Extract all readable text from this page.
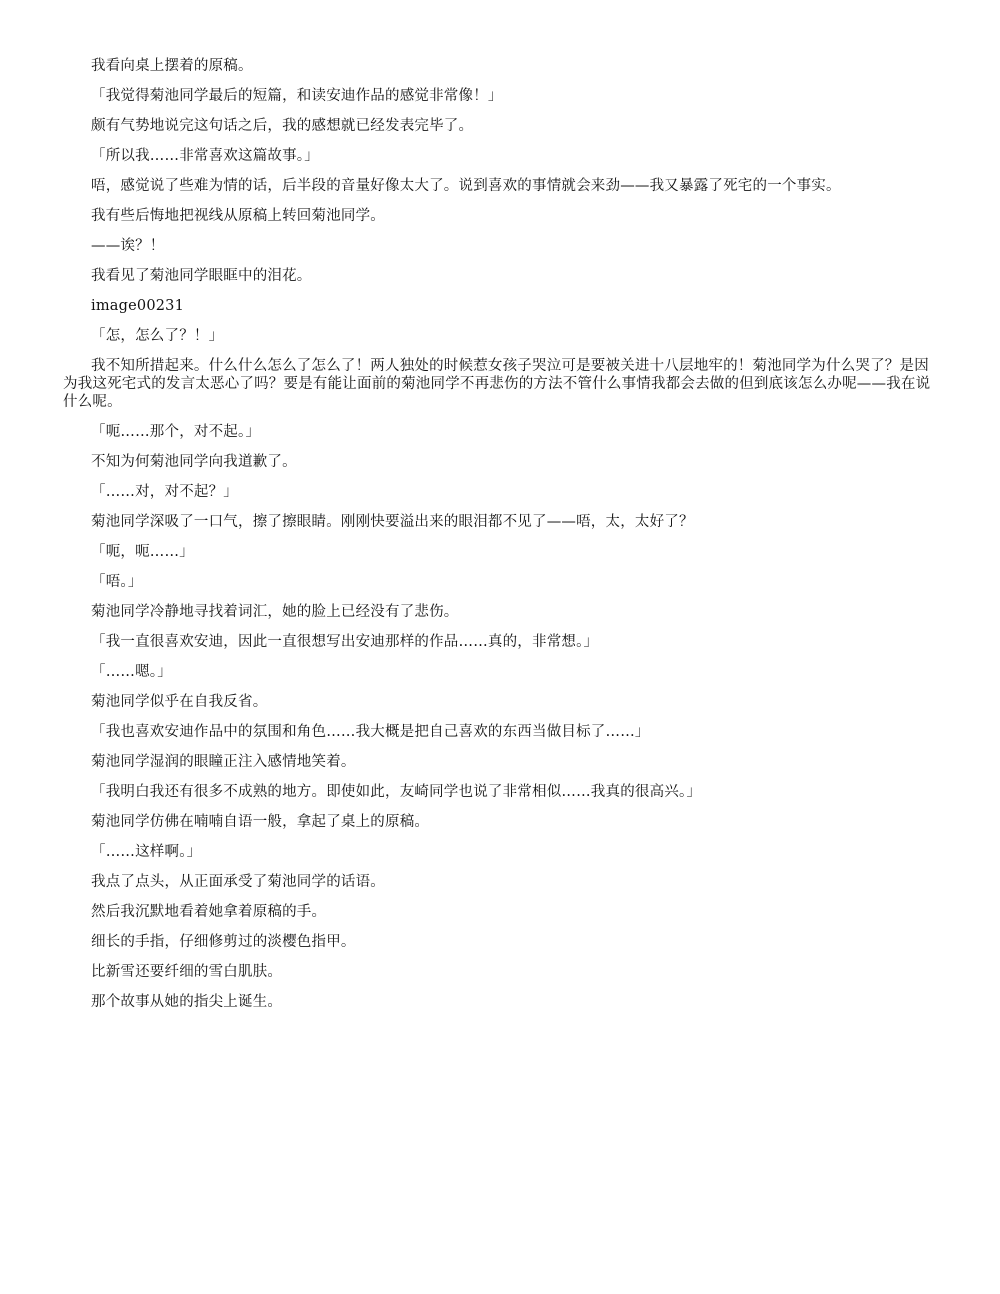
我看向桌上摆着的原稿。

「我觉得菊池同学最后的短篇，和读安迪作品的感觉非常像！」

颇有气势地说完这句话之后，我的感想就已经发表完毕了。

「所以我……非常喜欢这篇故事。」

唔，感觉说了些难为情的话，后半段的音量好像太大了。说到喜欢的事情就会来劲——我又暴露了死宅的一个事实。

我有些后悔地把视线从原稿上转回菊池同学。

——诶？！

我看见了菊池同学眼眶中的泪花。

image00231

「怎，怎么了？！」

我不知所措起来。什么什么怎么了怎么了！两人独处的时候惹女孩子哭泣可是要被关进十八层地牢的！菊池同学为什么哭了？是因为我这死宅式的发言太恶心了吗？要是有能让面前的菊池同学不再悲伤的方法不管什么事情我都会去做的但到底该怎么办呢——我在说什么呢。

「呃……那个，对不起。」

不知为何菊池同学向我道歉了。

「……对，对不起？」

菊池同学深吸了一口气，擦了擦眼睛。刚刚快要溢出来的眼泪都不见了——唔，太，太好了？

「呃，呃……」

「唔。」

菊池同学冷静地寻找着词汇，她的脸上已经没有了悲伤。

「我一直很喜欢安迪，因此一直很想写出安迪那样的作品……真的，非常想。」

「……嗯。」

菊池同学似乎在自我反省。

「我也喜欢安迪作品中的氛围和角色……我大概是把自己喜欢的东西当做目标了……」

菊池同学湿润的眼瞳正注入感情地笑着。

「我明白我还有很多不成熟的地方。即使如此，友崎同学也说了非常相似……我真的很高兴。」

菊池同学仿佛在喃喃自语一般，拿起了桌上的原稿。

「……这样啊。」

我点了点头，从正面承受了菊池同学的话语。

然后我沉默地看着她拿着原稿的手。

细长的手指，仔细修剪过的淡樱色指甲。

比新雪还要纤细的雪白肌肤。

那个故事从她的指尖上诞生。
